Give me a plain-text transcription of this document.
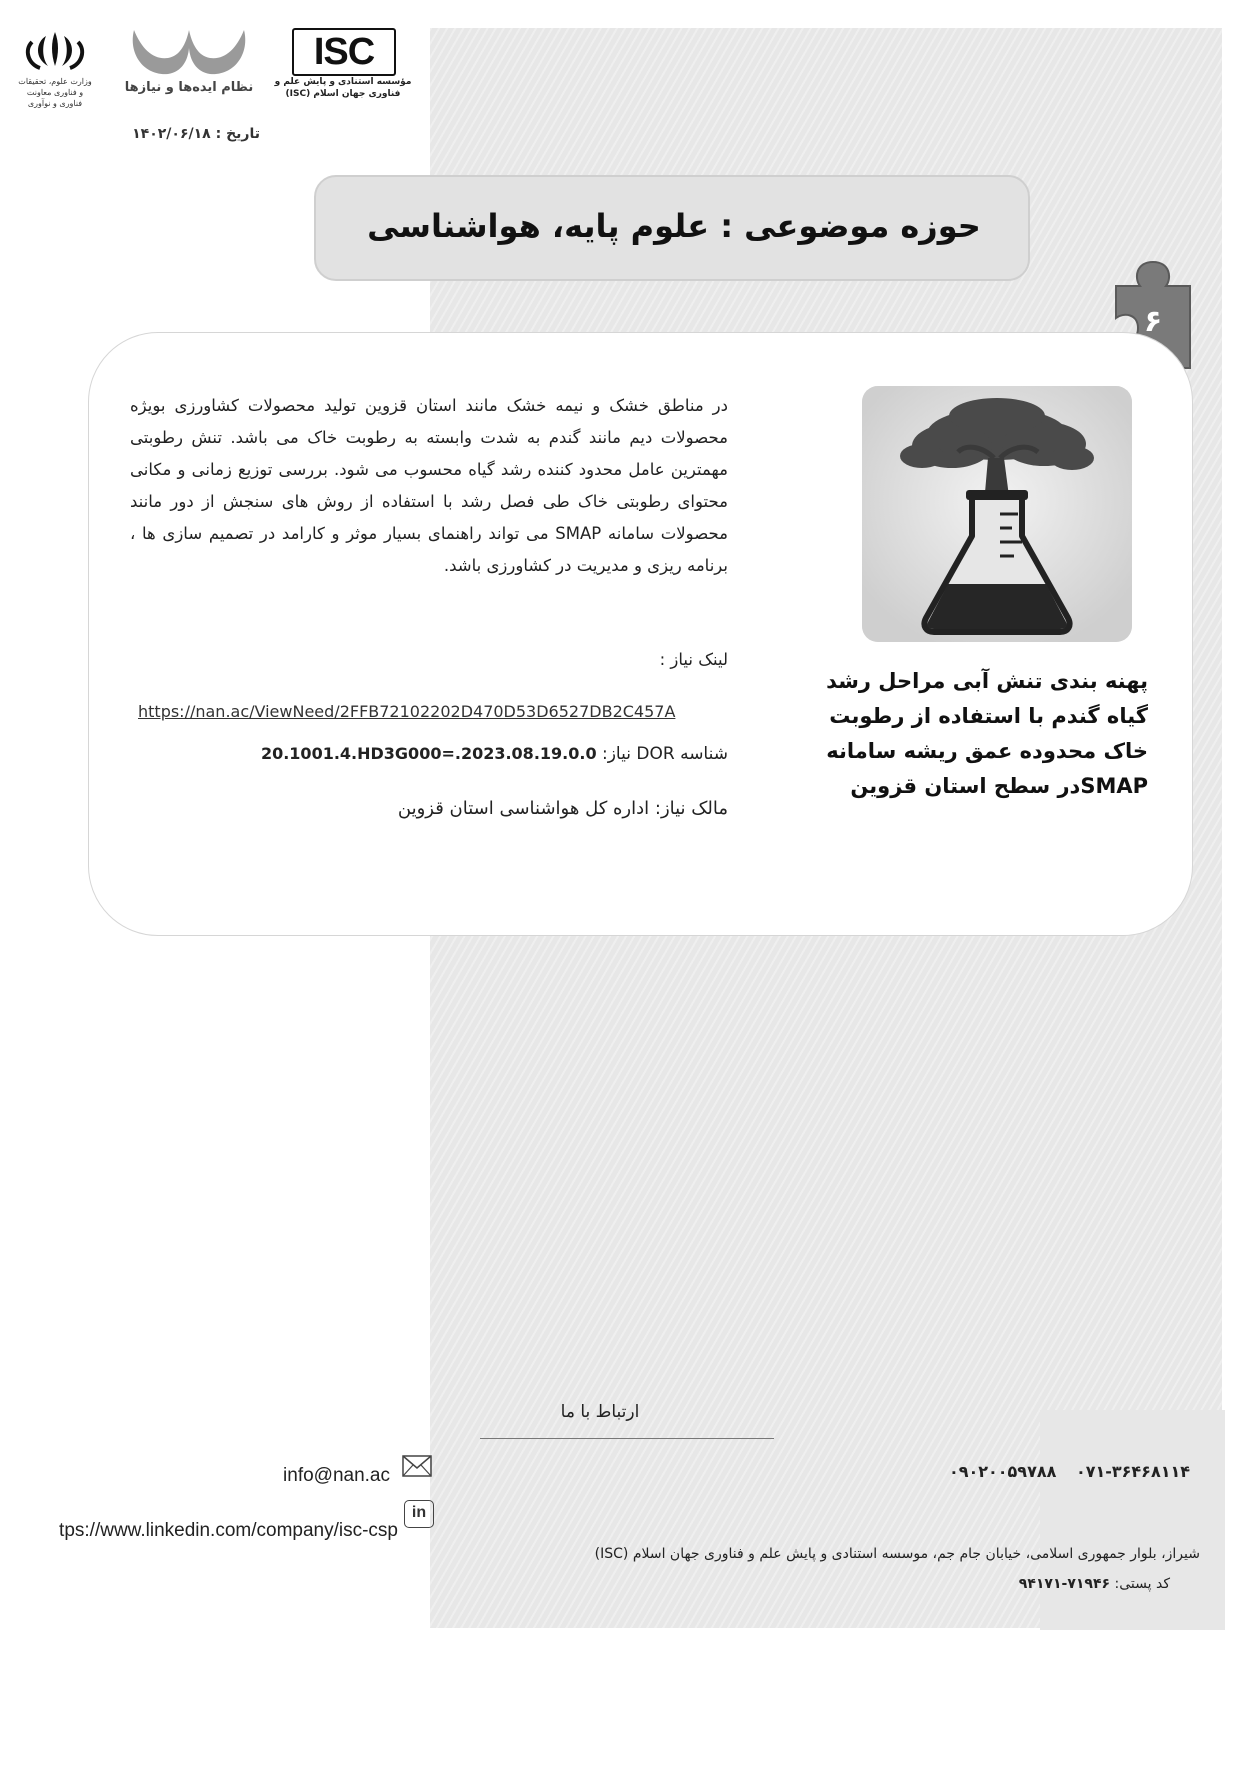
وزارت علوم، تحقیقات و فناوری معاونت فناوری و نوآوری
نظام ایده‌ها و نیازها
ISC
مؤسسه استنادی و پایش علم و فناوری جهان اسلام (ISC)
تاریخ : ۱۴۰۲/۰۶/۱۸
حوزه موضوعی : علوم پایه، هواشناسی
۶
پهنه بندی تنش آبی مراحل رشد گیاه گندم با استفاده از رطوبت خاک محدوده عمق ریشه سامانه SMAPدر سطح استان قزوین
در مناطق خشک و نیمه خشک مانند استان قزوین تولید محصولات کشاورزی بویژه محصولات دیم مانند گندم به شدت وابسته به رطوبت خاک می باشد. تنش رطوبتی مهمترین عامل محدود کننده رشد گیاه محسوب می شود. بررسی توزیع زمانی و مکانی محتوای رطوبتی خاک طی فصل رشد با استفاده از روش های سنجش از دور مانند محصولات سامانه SMAP می تواند راهنمای بسیار موثر و کارامد در تصمیم سازی ها ، برنامه ریزی و مدیریت در کشاورزی باشد.
لینک نیاز :
https://nan.ac/ViewNeed/2FFB72102202D470D53D6527DB2C457A
شناسه DOR نیاز: 20.1001.4.HD3G000=.2023.08.19.0.0
مالک نیاز: اداره کل هواشناسی استان قزوین
ارتباط با ما
info@nan.ac
in
tps://www.linkedin.com/company/isc-csp
۰۷۱-۳۶۴۶۸۱۱۴ ۰۹۰۲۰۰۵۹۷۸۸
شیراز، بلوار جمهوری اسلامی، خیابان جام جم، موسسه استنادی و پایش علم و فناوری جهان اسلام (ISC)
کد پستی: ۷۱۹۴۶-۹۴۱۷۱
